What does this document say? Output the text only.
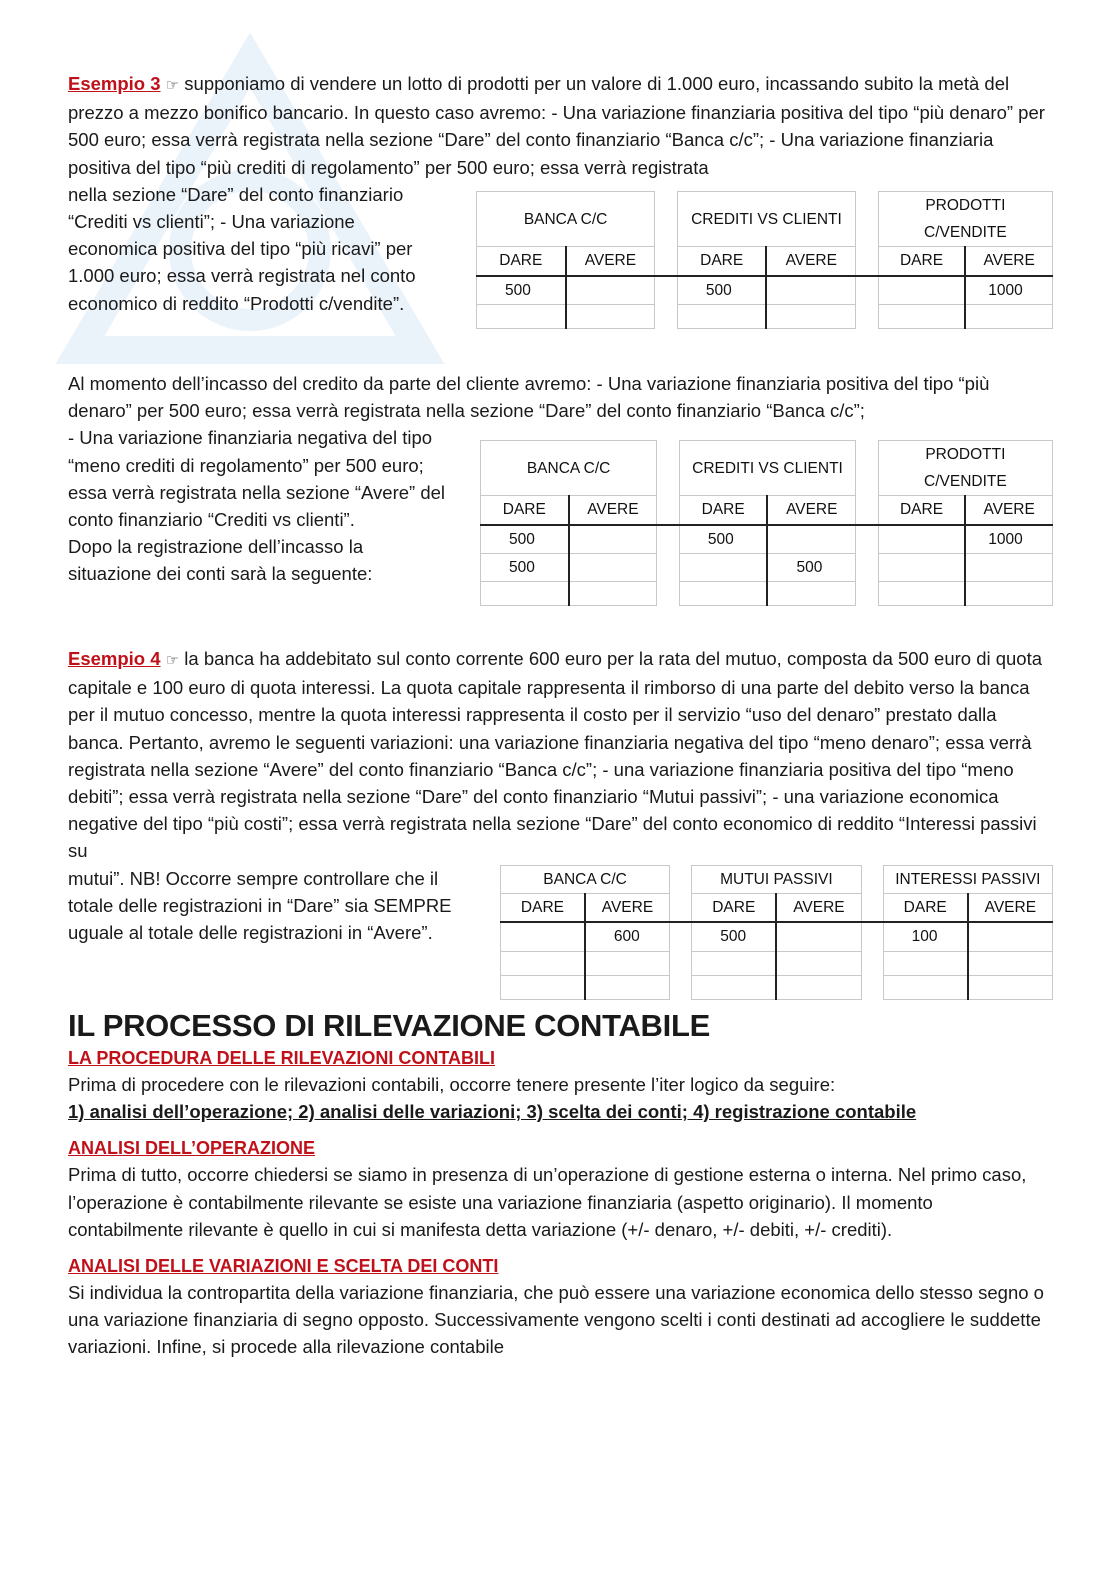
Esempio 3 ☞ supponiamo di vendere un lotto di prodotti per un valore di 1.000 euro, incassando subito la metà del prezzo a mezzo bonifico bancario. In questo caso avremo: - Una variazione finanziaria positiva del tipo “più denaro” per 500 euro; essa verrà registrata nella sezione “Dare” del conto finanziario “Banca c/c”; - Una variazione finanziaria positiva del tipo “più crediti di regolamento” per 500 euro; essa verrà registrata

nella sezione “Dare” del conto finanziario “Crediti vs clienti”; - Una variazione economica positiva del tipo “più ricavi” per 1.000 euro; essa verrà registrata nel conto economico di reddito “Prodotti c/vendite”.

BANCA C/C			CREDITI VS CLIENTI			PRODOTTI C/VENDITE	
DARE	AVERE		DARE	AVERE		DARE	AVERE
500			500				1000

Al momento dell’incasso del credito da parte del cliente avremo: - Una variazione finanziaria positiva del tipo “più denaro” per 500 euro; essa verrà registrata nella sezione “Dare” del conto finanziario “Banca c/c”;

- Una variazione finanziaria negativa del tipo “meno crediti di regolamento” per 500 euro; essa verrà registrata nella sezione “Avere” del conto finanziario “Crediti vs clienti”.

Dopo la registrazione dell’incasso la situazione dei conti sarà la seguente:

BANCA C/C			CREDITI VS CLIENTI			PRODOTTI C/VENDITE	
DARE	AVERE		DARE	AVERE		DARE	AVERE
500			500				1000
500				500			

Esempio 4 ☞ la banca ha addebitato sul conto corrente 600 euro per la rata del mutuo, composta da 500 euro di quota capitale e 100 euro di quota interessi. La quota capitale rappresenta il rimborso di una parte del debito verso la banca per il mutuo concesso, mentre la quota interessi rappresenta il costo per il servizio “uso del denaro” prestato dalla banca. Pertanto, avremo le seguenti variazioni: una variazione finanziaria negativa del tipo “meno denaro”; essa verrà registrata nella sezione “Avere” del conto finanziario “Banca c/c”; - una variazione finanziaria positiva del tipo “meno debiti”; essa verrà registrata nella sezione “Dare” del conto finanziario “Mutui passivi”; - una variazione economica negative del tipo “più costi”; essa verrà registrata nella sezione “Dare” del conto economico di reddito “Interessi passivi su

mutui”. NB! Occorre sempre controllare che il totale delle registrazioni in “Dare” sia SEMPRE uguale al totale delle registrazioni in “Avere”.

BANCA C/C			MUTUI PASSIVI			INTERESSI PASSIVI	
DARE	AVERE		DARE	AVERE		DARE	AVERE
	600		500			100	

IL PROCESSO DI RILEVAZIONE CONTABILE

LA PROCEDURA DELLE RILEVAZIONI CONTABILI

Prima di procedere con le rilevazioni contabili, occorre tenere presente l’iter logico da seguire:

1) analisi dell’operazione; 2) analisi delle variazioni; 3) scelta dei conti; 4) registrazione contabile

ANALISI DELL’OPERAZIONE

Prima di tutto, occorre chiedersi se siamo in presenza di un’operazione di gestione esterna o interna. Nel primo caso, l’operazione è contabilmente rilevante se esiste una variazione finanziaria (aspetto originario). Il momento contabilmente rilevante è quello in cui si manifesta detta variazione (+/- denaro, +/- debiti, +/- crediti).

ANALISI DELLE VARIAZIONI E SCELTA DEI CONTI

Si individua la contropartita della variazione finanziaria, che può essere una variazione economica dello stesso segno o una variazione finanziaria di segno opposto. Successivamente vengono scelti i conti destinati ad accogliere le suddette variazioni. Infine, si procede alla rilevazione contabile
